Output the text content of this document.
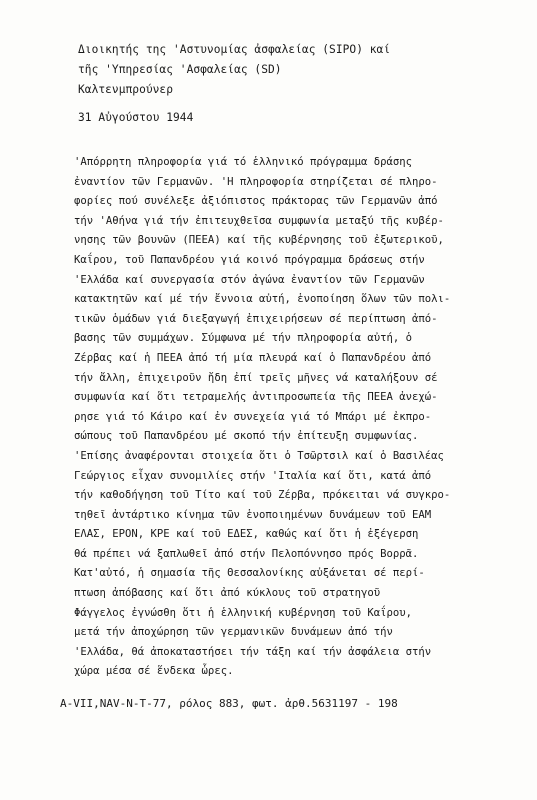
Διοικητής της 'Αστυνομίας ἀσφαλείας (SIPO) καί
τῆς 'Υπηρεσίας 'Ασφαλείας (SD)
Καλτενμπρούνερ
31 Αὐγούστου 1944
'Απόρρητη πληροφορία γιά τό ἑλληνικό πρόγραμμα δράσης
ἐναντίον τῶν Γερμανῶν. 'Η πληροφορία στηρίζεται σέ πληρο-
φορίες πού συνέλεξε ἀξιόπιστος πράκτορας τῶν Γερμανῶν ἀπό
τήν 'Αθήνα γιά τήν ἐπιτευχθεῖσα συμφωνία μεταξύ τῆς κυβέρ-
νησης τῶν βουνῶν (ΠΕΕΑ) καί τῆς κυβέρνησης τοῦ ἐξωτερικοῦ,
Καΐρου, τοῦ Παπανδρέου γιά κοινό πρόγραμμα δράσεως στήν
'Ελλάδα καί συνεργασία στόν ἀγώνα ἐναντίον τῶν Γερμανῶν
κατακτητῶν καί μέ τήν ἔννοια αὐτή, ἑνοποίηση ὅλων τῶν πολι-
τικῶν ὁμάδων γιά διεξαγωγή ἐπιχειρήσεων σέ περίπτωση ἀπό-
βασης τῶν συμμάχων. Σύμφωνα μέ τήν πληροφορία αὐτή, ὁ
Ζέρβας καί ἡ ΠΕΕΑ ἀπό τή μία πλευρά καί ὁ Παπανδρέου ἀπό
τήν ἄλλη, ἐπιχειροῦν ἤδη ἐπί τρεῖς μῆνες νά καταλήξουν σέ
συμφωνία καί ὅτι τετραμελής ἀντιπροσωπεία τῆς ΠΕΕΑ ἀνεχώ-
ρησε γιά τό Κάιρο καί ἐν συνεχεία γιά τό Μπάρι μέ ἐκπρο-
σώπους τοῦ Παπανδρέου μέ σκοπό τήν ἐπίτευξη συμφωνίας.
'Επίσης ἀναφέρονται στοιχεία ὅτι ὁ Τσῶρτσιλ καί ὁ Βασιλέας
Γεώργιος εἶχαν συνομιλίες στήν 'Ιταλία καί ὅτι, κατά ἀπό
τήν καθοδήγηση τοῦ Τίτο καί τοῦ Ζέρβα, πρόκειται νά συγκρο-
τηθεῖ ἀντάρτικο κίνημα τῶν ἑνοποιημένων δυνάμεων τοῦ ΕΑΜ
ΕΛΑΣ, ΕΡΟΝ, ΚΡΕ καί τοῦ ΕΔΕΣ, καθώς καί ὅτι ἡ ἐξέγερση
θά πρέπει νά ξαπλωθεῖ ἀπό στήν Πελοπόννησο πρός Βορρᾶ.
Κατ'αὐτό, ἡ σημασία τῆς Θεσσαλονίκης αὐξάνεται σέ περί-
πτωση ἀπόβασης καί ὅτι ἀπό κύκλους τοῦ στρατηγοῦ
Φάγγελος ἐγνώσθη ὅτι ἡ ἑλληνική κυβέρνηση τοῦ Καΐρου,
μετά τήν ἀποχώρηση τῶν γερμανικῶν δυνάμεων ἀπό τήν
'Ελλάδα, θά ἀποκαταστήσει τήν τάξη καί τήν ἀσφάλεια στήν
χώρα μέσα σέ ἕνδεκα ὧρες.
A-VII,NAV-N-T-77, ρόλος 883, φωτ. ἀρθ.5631197 - 198
